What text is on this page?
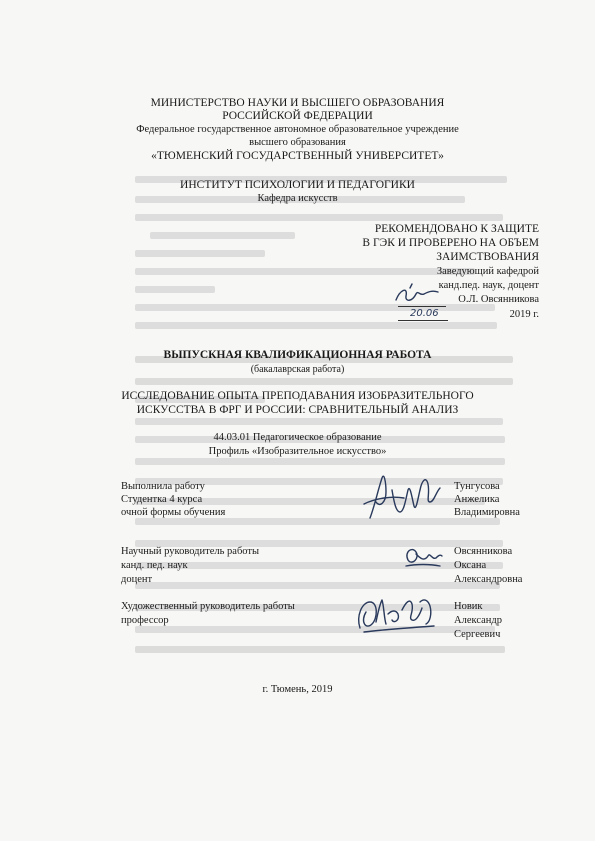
МИНИСТЕРСТВО НАУКИ И ВЫСШЕГО ОБРАЗОВАНИЯ
РОССИЙСКОЙ ФЕДЕРАЦИИ
Федеральное государственное автономное образовательное учреждение
высшего образования
«ТЮМЕНСКИЙ ГОСУДАРСТВЕННЫЙ УНИВЕРСИТЕТ»
ИНСТИТУТ ПСИХОЛОГИИ И ПЕДАГОГИКИ
Кафедра искусств
РЕКОМЕНДОВАНО К ЗАЩИТЕ
В ГЭК И ПРОВЕРЕНО НА ОБЪЕМ
ЗАИМСТВОВАНИЯ
Заведующий кафедрой
канд.пед. наук, доцент
О.Л. Овсянникова
20.06	2019 г.
ВЫПУСКНАЯ КВАЛИФИКАЦИОННАЯ РАБОТА
(бакалаврская работа)
ИССЛЕДОВАНИЕ ОПЫТА ПРЕПОДАВАНИЯ ИЗОБРАЗИТЕЛЬНОГО
ИСКУССТВА В ФРГ И РОССИИ: СРАВНИТЕЛЬНЫЙ АНАЛИЗ
44.03.01 Педагогическое образование
Профиль «Изобразительное искусство»
Выполнила работу
Студентка 4 курса
очной формы обучения
Тунгусова
Анжелика
Владимировна
Научный руководитель работы
канд. пед. наук
доцент
Овсянникова
Оксана
Александровна
Художественный руководитель работы
профессор
Новик
Александр
Сергеевич
г. Тюмень, 2019
